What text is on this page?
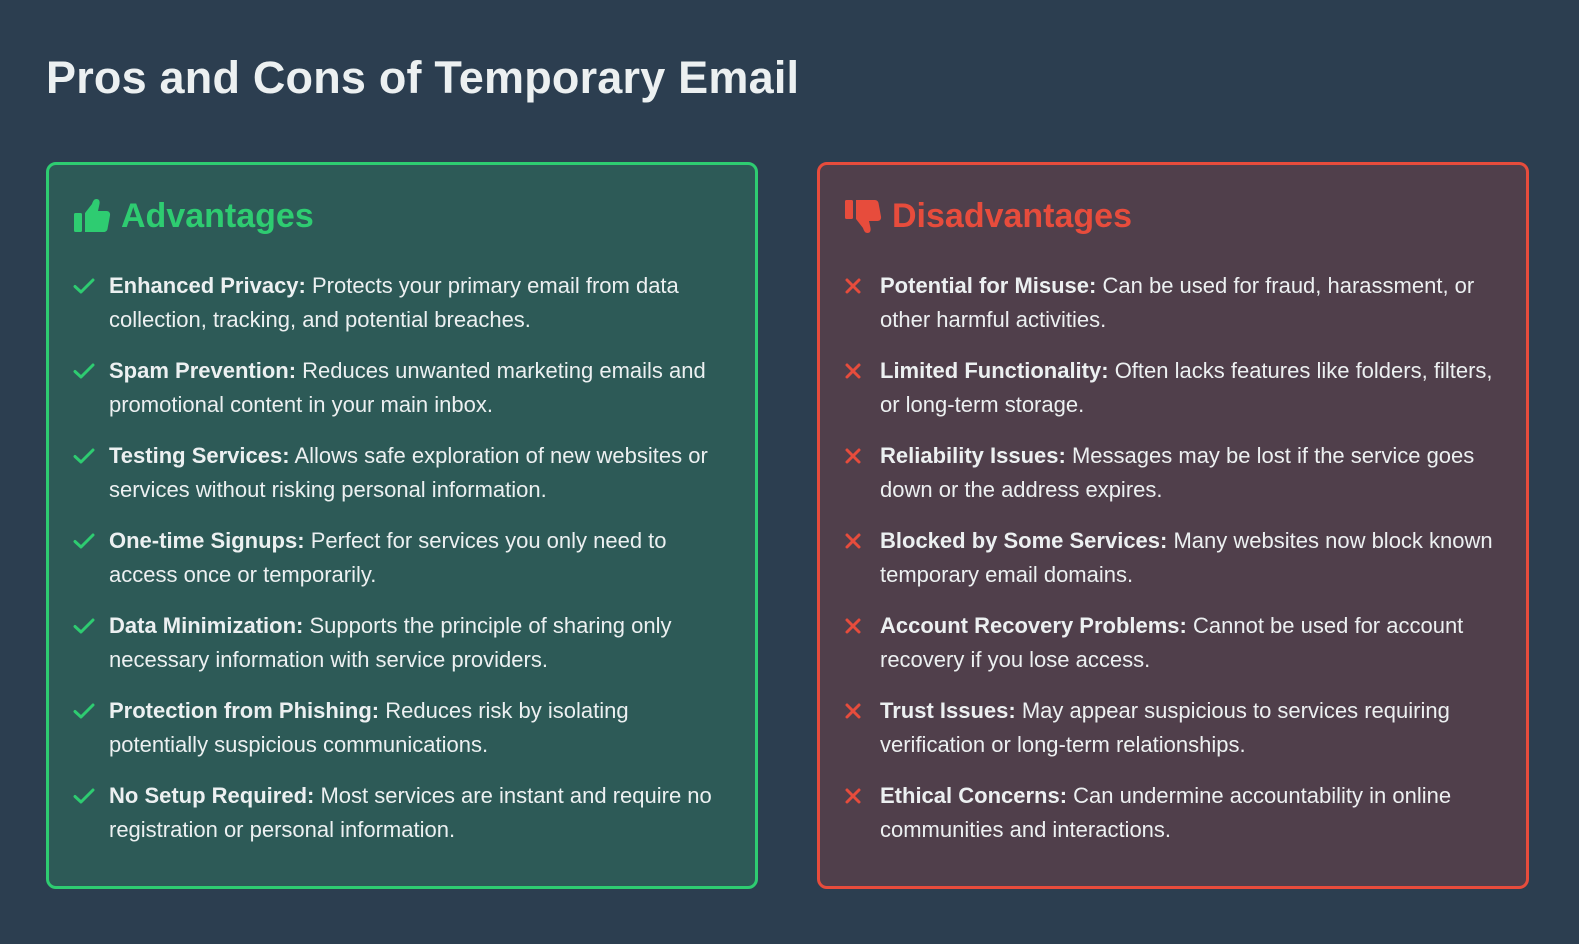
Pros and Cons of Temporary Email
Advantages
Enhanced Privacy: Protects your primary email from data collection, tracking, and potential breaches.
Spam Prevention: Reduces unwanted marketing emails and promotional content in your main inbox.
Testing Services: Allows safe exploration of new websites or services without risking personal information.
One-time Signups: Perfect for services you only need to access once or temporarily.
Data Minimization: Supports the principle of sharing only necessary information with service providers.
Protection from Phishing: Reduces risk by isolating potentially suspicious communications.
No Setup Required: Most services are instant and require no registration or personal information.
Disadvantages
Potential for Misuse: Can be used for fraud, harassment, or other harmful activities.
Limited Functionality: Often lacks features like folders, filters, or long-term storage.
Reliability Issues: Messages may be lost if the service goes down or the address expires.
Blocked by Some Services: Many websites now block known temporary email domains.
Account Recovery Problems: Cannot be used for account recovery if you lose access.
Trust Issues: May appear suspicious to services requiring verification or long-term relationships.
Ethical Concerns: Can undermine accountability in online communities and interactions.
